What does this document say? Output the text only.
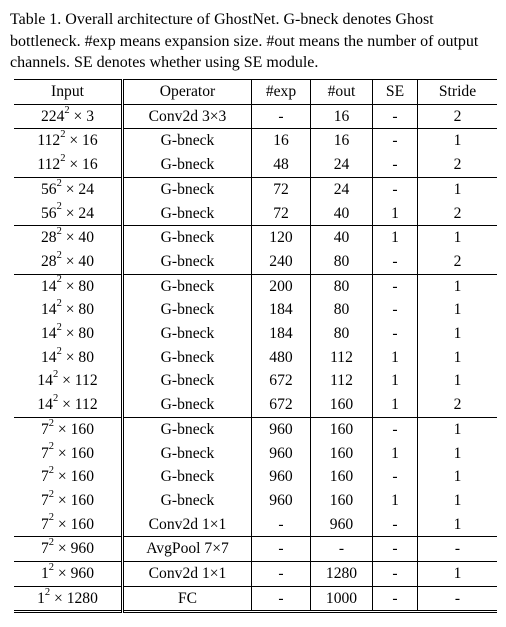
Table 1. Overall architecture of GhostNet. G-bneck denotes Ghost bottleneck. #exp means expansion size. #out means the number of output channels. SE denotes whether using SE module.
Input	Operator	#exp	#out	SE	Stride
$224^2 \times 3$	Conv2d 3×3	-	16	-	2
$112^2 \times 16$	G-bneck	16	16	-	1
$112^2 \times 16$	G-bneck	48	24	-	2
$56^2 \times 24$	G-bneck	72	24	-	1
$56^2 \times 24$	G-bneck	72	40	1	2
$28^2 \times 40$	G-bneck	120	40	1	1
$28^2 \times 40$	G-bneck	240	80	-	2
$14^2 \times 80$	G-bneck	200	80	-	1
$14^2 \times 80$	G-bneck	184	80	-	1
$14^2 \times 80$	G-bneck	184	80	-	1
$14^2 \times 80$	G-bneck	480	112	1	1
$14^2 \times 112$	G-bneck	672	112	1	1
$14^2 \times 112$	G-bneck	672	160	1	2
$7^2 \times 160$	G-bneck	960	160	-	1
$7^2 \times 160$	G-bneck	960	160	1	1
$7^2 \times 160$	G-bneck	960	160	-	1
$7^2 \times 160$	G-bneck	960	160	1	1
$7^2 \times 160$	Conv2d 1×1	-	960	-	1
$7^2 \times 960$	AvgPool 7×7	-	-	-	-
$1^2 \times 960$	Conv2d 1×1	-	1280	-	1
$1^2 \times 1280$	FC	-	1000	-	-
